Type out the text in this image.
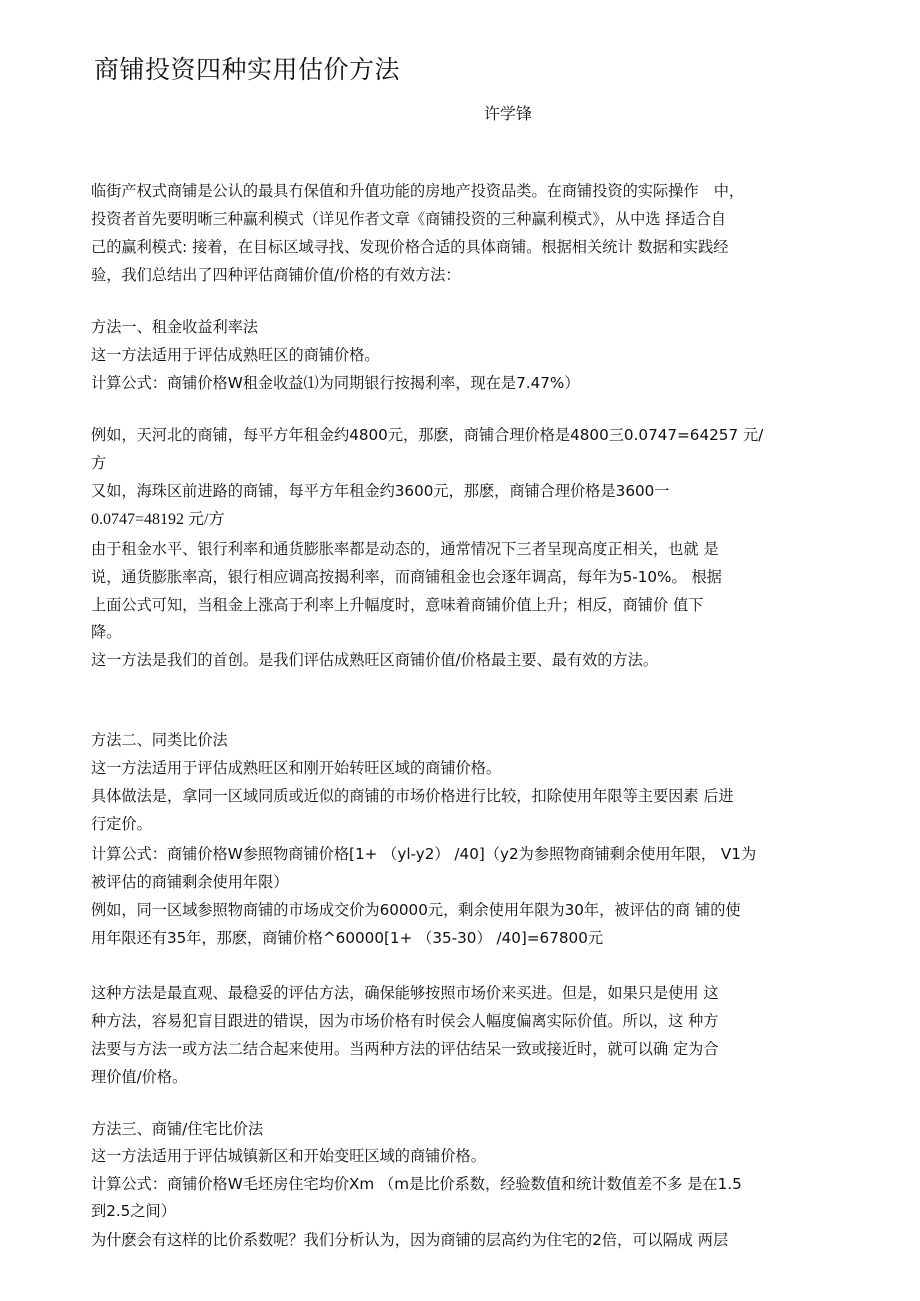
商铺投资四种实用估价方法
许学锋
临街产权式商铺是公认的最具冇保值和升值功能的房地产投资品类。在商铺投资的实际操作　中，
投资者首先要明晰三种赢利模式（详见作者文章《商铺投资的三种赢利模式》，从中选 择适合自
己的赢利模式: 接着，在目标区域寻找、发现价格合适的具体商铺。根据相关统计 数据和实践经
验，我们总结出了四种评估商铺价值/价格的有效方法：
方法一、租金收益利率法
这一方法适用于评估成熟旺区的商铺价格。
计算公式：商铺价格W租金收益⑴为同期银行按揭利率，现在是7.47%）
例如，天河北的商铺，每平方年租金约4800元，那麽，商铺合理价格是4800三0.0747=64257 元/
方
又如，海珠区前进路的商铺，每平方年租金约3600元，那麽，商铺合理价格是3600一
0.0747=48192 元/方
由于租金水平、银行利率和通货膨胀率都是动态的，通常情况下三者呈现高度正相关，也就 是
说，通货膨胀率高，银行相应调高按揭利率，而商铺租金也会逐年调高，每年为5-10%。 根据
上面公式可知，当租金上涨高于利率上升幅度时，意味着商铺价值上升；相反，商铺价 值下
降。
这一方法是我们的首创。是我们评估成熟旺区商铺价值/价格最主要、最有效的方法。
方法二、同类比价法
这一方法适用于评估成熟旺区和刚开始转旺区域的商铺价格。
具体做法是，拿同一区域同质或近似的商铺的市场价格进行比较，扣除使用年限等主要因素 后进
行定价。
计算公式：商铺价格W参照物商铺价格[1+ （yl-y2） /40]（y2为参照物商铺剩余使用年限， V1为
被评估的商铺剩余使用年限）
例如，同一区域参照物商铺的市场成交价为60000元，剩余使用年限为30年，被评估的商 铺的使
用年限还有35年，那麽，商铺价格^60000[1+ （35-30） /40]=67800元
这种方法是最直观、最稳妥的评估方法，确保能够按照市场价来买进。但是，如果只是使用 这
种方法，容易犯盲目跟进的错误，因为市场价格有时侯会人幅度偏离实际价值。所以，这 种方
法要与方法一或方法二结合起来使用。当两种方法的评估结呆一致或接近时，就可以确 定为合
理价值/价格。
方法三、商铺/住宅比价法
这一方法适用于评估城镇新区和开始变旺区域的商铺价格。
计算公式：商铺价格W毛坯房住宅均价Xm （m是比价系数，经验数值和统计数值差不多 是在1.5
到2.5之间）
为什麽会有这样的比价系数呢？我们分析认为，因为商铺的层高约为住宅的2倍，可以隔成 两层
